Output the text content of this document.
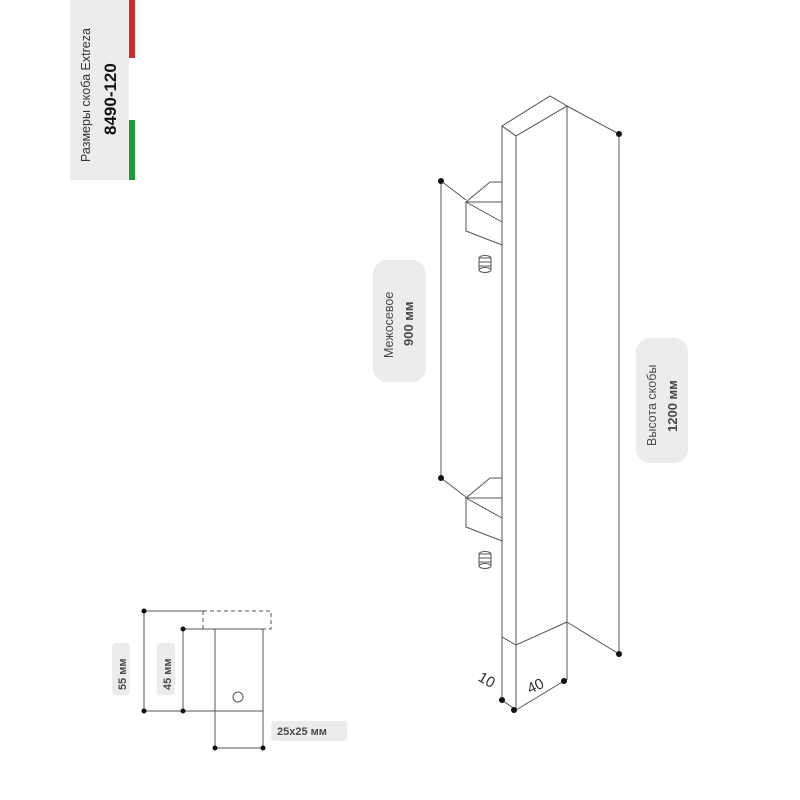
Размеры скоба Extreza 8490-120
Межосевое 900 мм
Высота скобы 1200 мм
10 40
55 мм	45 мм
25x25 мм
